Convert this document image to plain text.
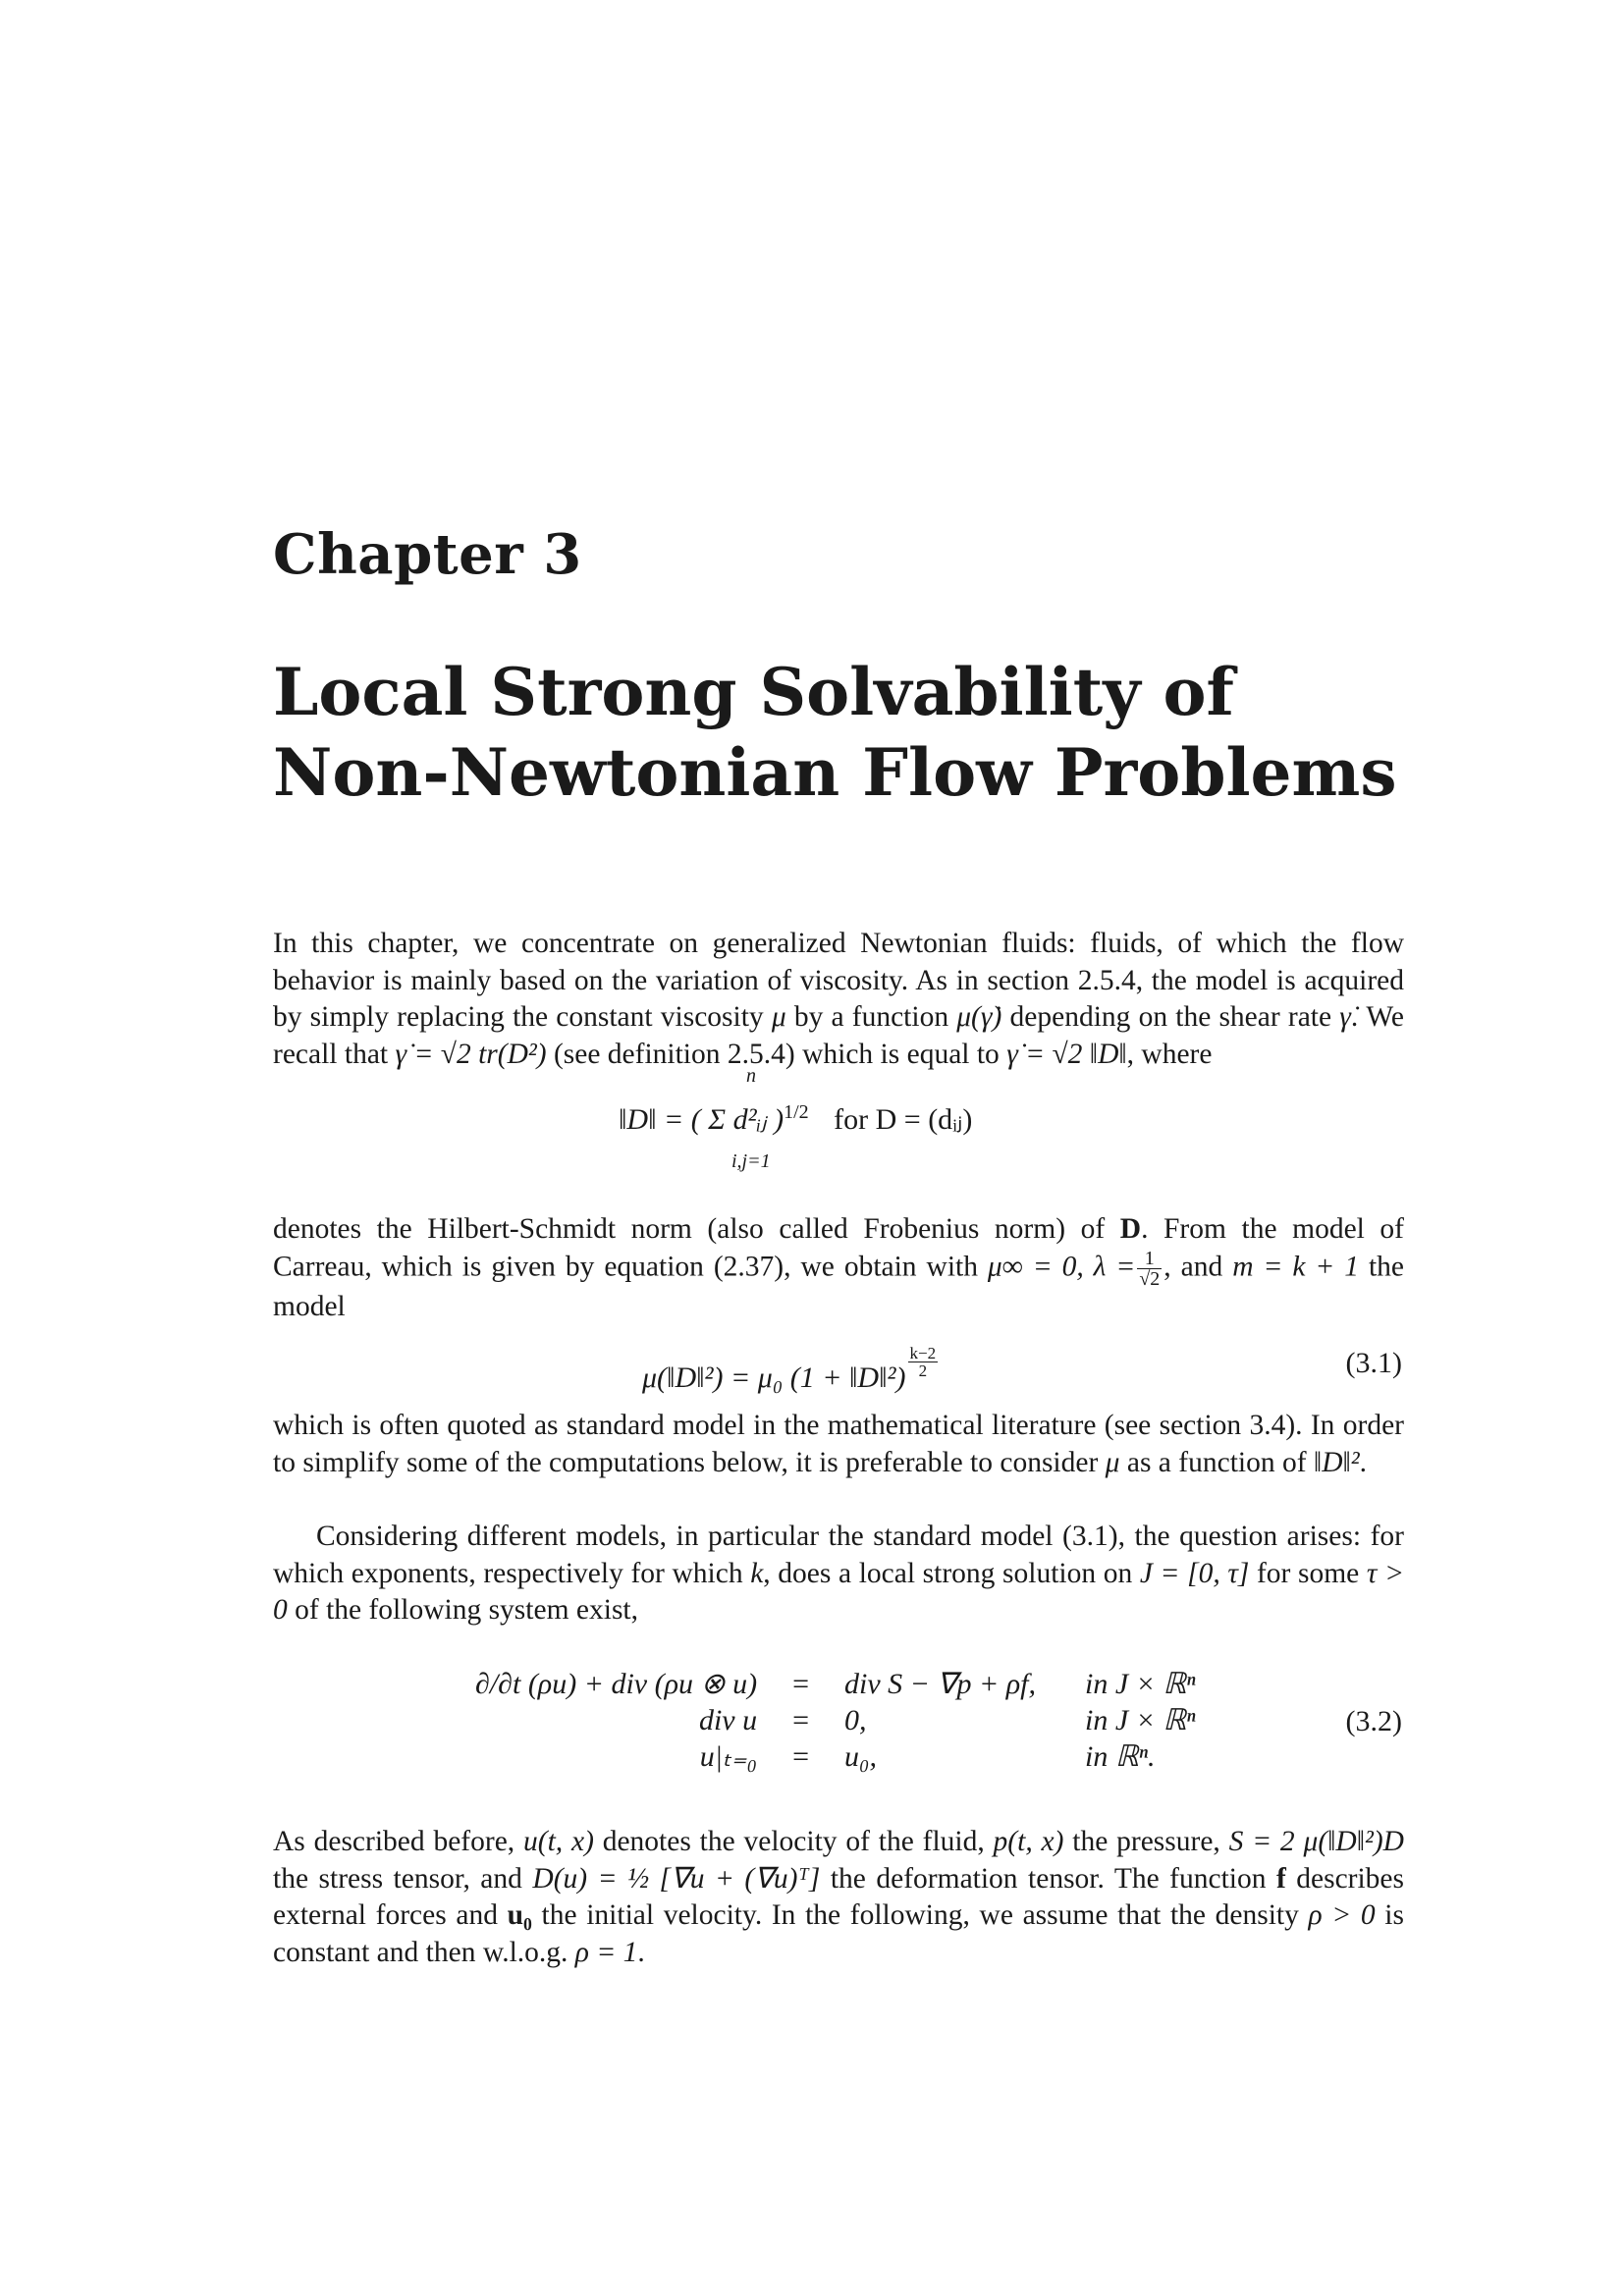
Chapter 3
Local Strong Solvability of
Non-Newtonian Flow Problems
In this chapter, we concentrate on generalized Newtonian fluids: fluids, of which the flow behavior is mainly based on the variation of viscosity. As in section 2.5.4, the model is acquired by simply replacing the constant viscosity μ by a function μ(γ̇) depending on the shear rate γ̇. We recall that γ̇ = √2 tr(D²) (see definition 2.5.4) which is equal to γ̇ = √2 ‖D‖, where
‖D‖ = ( Σ d²ᵢⱼ )$^{1/2}$ for D = (dᵢⱼ)
n
i,j=1
denotes the Hilbert-Schmidt norm (also called Frobenius norm) of D. From the model of Carreau, which is given by equation (2.37), we obtain with μ∞ = 0, $\lambda = \frac{1}{√2}$ , and m = k + 1 the model
μ(‖D‖²) = μ₀ (1 + ‖D‖²) $\frac{k-2}{2}$	(3.1)
which is often quoted as standard model in the mathematical literature (see section 3.4). In order to simplify some of the computations below, it is preferable to consider μ as a function of ‖D‖².
Considering different models, in particular the standard model (3.1), the question arises: for which exponents, respectively for which k, does a local strong solution on J = [0, τ] for some τ > 0 of the following system exist,
∂/∂t (ρu) + div (ρu ⊗ u)	=	div S − ∇p + ρf,	in J × ℝⁿ
div u	=	0,	in J × ℝⁿ
u|ₜ₌₀	=	u₀,	in ℝⁿ.
(3.2)
As described before, u(t, x) denotes the velocity of the fluid, p(t, x) the pressure, S = 2 μ(‖D‖²)D the stress tensor, and D(u) = ½ [∇u + (∇u)ᵀ] the deformation tensor. The function f describes external forces and u₀ the initial velocity. In the following, we assume that the density ρ > 0 is constant and then w.l.o.g. ρ = 1.
